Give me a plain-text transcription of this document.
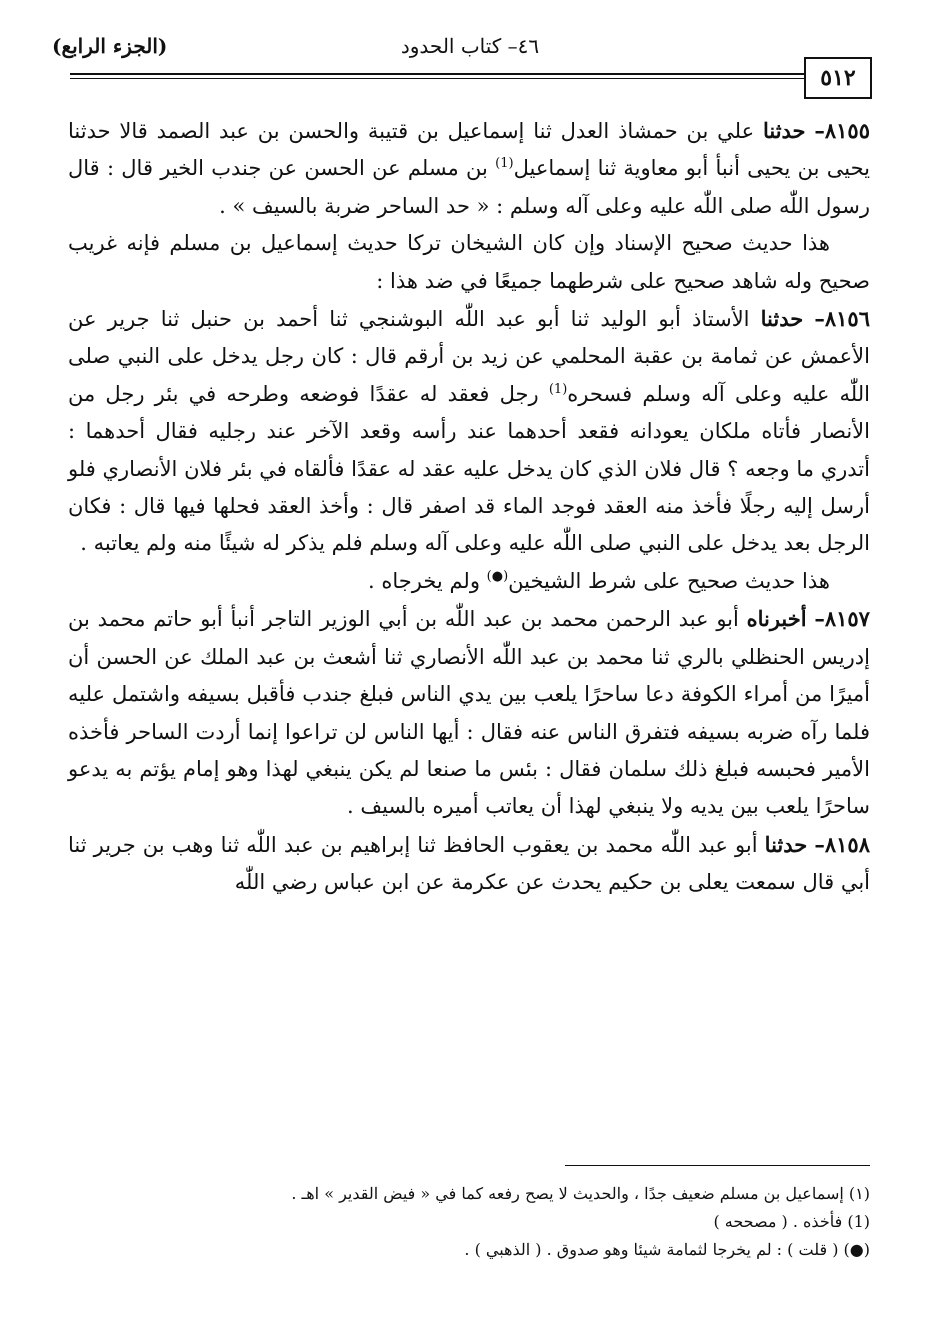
(الجزء الرابع)	٤٦– كتاب الحدود
٥١٢

٨١٥٥– حدثنا علي بن حمشاذ العدل ثنا إسماعيل بن قتيبة والحسن بن عبد الصمد قالا حدثنا يحيى بن يحيى أنبأ أبو معاوية ثنا إسماعيل$^{(1)}$ بن مسلم عن الحسن عن جندب الخير قال : قال رسول اللّٰه صلى اللّٰه عليه وعلى آله وسلم : « حد الساحر ضربة بالسيف » .

هذا حديث صحيح الإسناد وإن كان الشيخان تركا حديث إسماعيل بن مسلم فإنه غريب صحيح وله شاهد صحيح على شرطهما جميعًا في ضد هذا :

٨١٥٦– حدثنا الأستاذ أبو الوليد ثنا أبو عبد اللّٰه البوشنجي ثنا أحمد بن حنبل ثنا جرير عن الأعمش عن ثمامة بن عقبة المحلمي عن زيد بن أرقم قال : كان رجل يدخل على النبي صلى اللّٰه عليه وعلى آله وسلم فسحره$^{(1)}$ رجل فعقد له عقدًا فوضعه وطرحه في بئر رجل من الأنصار فأتاه ملكان يعودانه فقعد أحدهما عند رأسه وقعد الآخر عند رجليه فقال أحدهما : أتدري ما وجعه ؟ قال فلان الذي كان يدخل عليه عقد له عقدًا فألقاه في بئر فلان الأنصاري فلو أرسل إليه رجلًا فأخذ منه العقد فوجد الماء قد اصفر قال : وأخذ العقد فحلها فيها قال : فكان الرجل بعد يدخل على النبي صلى اللّٰه عليه وعلى آله وسلم فلم يذكر له شيئًا منه ولم يعاتبه .

هذا حديث صحيح على شرط الشيخين(●) ولم يخرجاه .

٨١٥٧– أخبرناه أبو عبد الرحمن محمد بن عبد اللّٰه بن أبي الوزير التاجر أنبأ أبو حاتم محمد بن إدريس الحنظلي بالري ثنا محمد بن عبد اللّٰه الأنصاري ثنا أشعث بن عبد الملك عن الحسن أن أميرًا من أمراء الكوفة دعا ساحرًا يلعب بين يدي الناس فبلغ جندب فأقبل بسيفه واشتمل عليه فلما رآه ضربه بسيفه فتفرق الناس عنه فقال : أيها الناس لن تراعوا إنما أردت الساحر فأخذه الأمير فحبسه فبلغ ذلك سلمان فقال : بئس ما صنعا لم يكن ينبغي لهذا وهو إمام يؤتم به يدعو ساحرًا يلعب بين يديه ولا ينبغي لهذا أن يعاتب أميره بالسيف .

٨١٥٨– حدثنا أبو عبد اللّٰه محمد بن يعقوب الحافظ ثنا إبراهيم بن عبد اللّٰه ثنا وهب بن جرير ثنا أبي قال سمعت يعلى بن حكيم يحدث عن عكرمة عن ابن عباس رضي اللّٰه

(١) إسماعيل بن مسلم ضعيف جدًا ، والحديث لا يصح رفعه كما في « فيض القدير » اهـ .

(1) فأخذه . ( مصححه )

(●) ( قلت ) : لم يخرجا لثمامة شيئا وهو صدوق . ( الذهبي ) .
